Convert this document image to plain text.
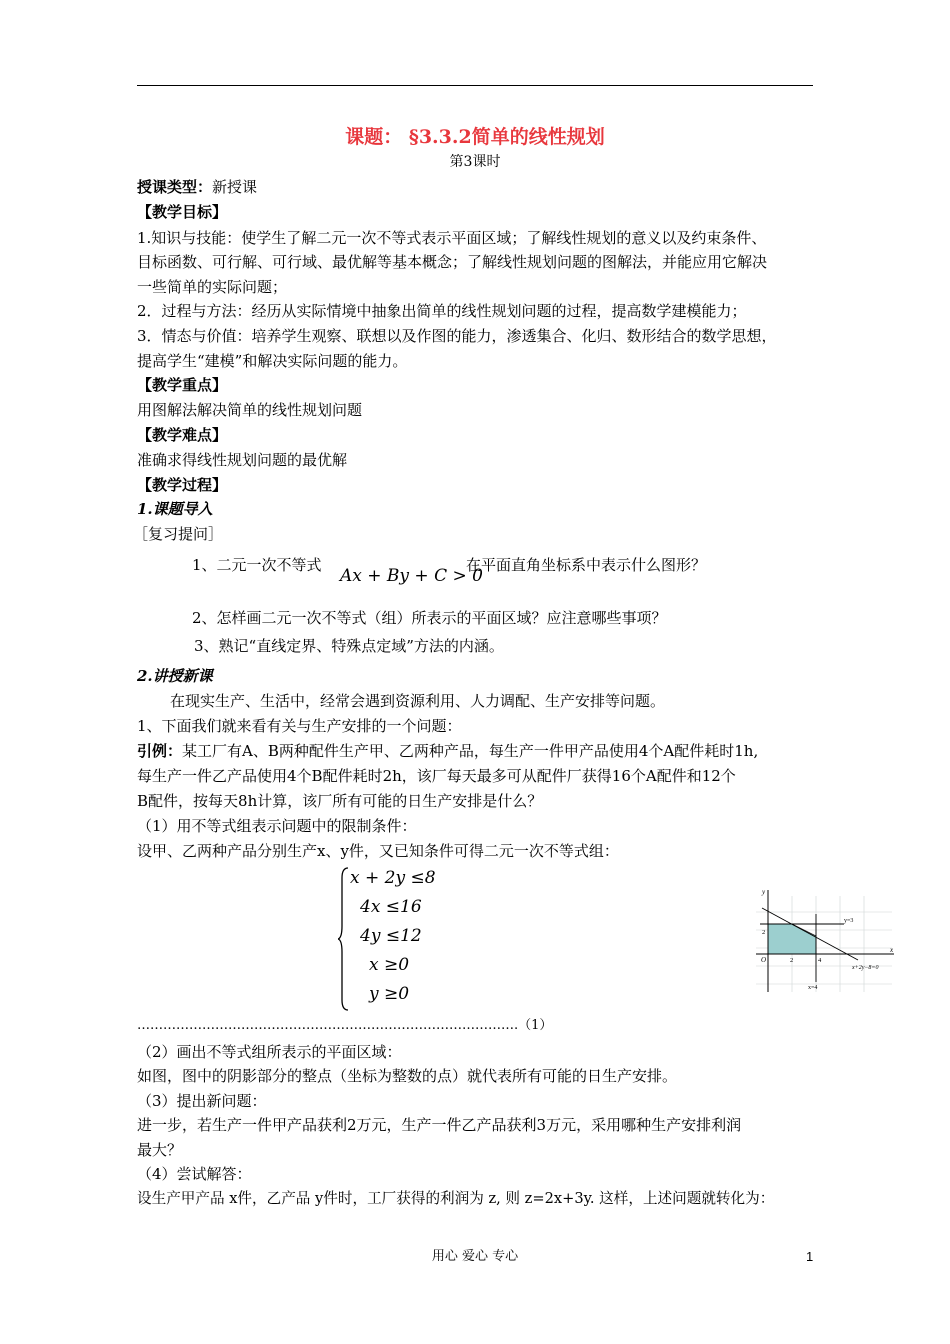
课题： §3.3.2简单的线性规划
第3课时
授课类型：新授课
【教学目标】
1.知识与技能：使学生了解二元一次不等式表示平面区域；了解线性规划的意义以及约束条件、
目标函数、可行解、可行域、最优解等基本概念；了解线性规划问题的图解法，并能应用它解决
一些简单的实际问题；
2．过程与方法：经历从实际情境中抽象出简单的线性规划问题的过程，提高数学建模能力；
3．情态与价值：培养学生观察、联想以及作图的能力，渗透集合、化归、数形结合的数学思想，
提高学生“建模”和解决实际问题的能力。
【教学重点】
用图解法解决简单的线性规划问题
【教学难点】
准确求得线性规划问题的最优解
【教学过程】
1.课题导入
［复习提问］
1、二元一次不等式
Ax + By + C > 0
在平面直角坐标系中表示什么图形？
2、怎样画二元一次不等式（组）所表示的平面区域？应注意哪些事项？
3、熟记“直线定界、特殊点定域”方法的内涵。
2.讲授新课
在现实生产、生活中，经常会遇到资源利用、人力调配、生产安排等问题。
1、下面我们就来看有关与生产安排的一个问题：
引例：某工厂有A、B两种配件生产甲、乙两种产品，每生产一件甲产品使用4个A配件耗时1h,
每生产一件乙产品使用4个B配件耗时2h，该厂每天最多可从配件厂获得16个A配件和12个
B配件，按每天8h计算，该厂所有可能的日生产安排是什么？
（1）用不等式组表示问题中的限制条件：
设甲、乙两种产品分别生产x、y件，又已知条件可得二元一次不等式组：
x + 2y ≤8
4x ≤16
4y ≤12
x ≥0
y ≥0
y
x
O	2	4
2
y=3
x=4
x+2y−8=0
…………………………………………………………………………….（1）
（2）画出不等式组所表示的平面区域：
如图，图中的阴影部分的整点（坐标为整数的点）就代表所有可能的日生产安排。
（3）提出新问题：
进一步，若生产一件甲产品获利2万元，生产一件乙产品获利3万元，采用哪种生产安排利润
最大？
（4）尝试解答：
设生产甲产品 x件，乙产品 y件时，工厂获得的利润为 z, 则 z=2x+3y. 这样，上述问题就转化为：
用心 爱心 专心	1
